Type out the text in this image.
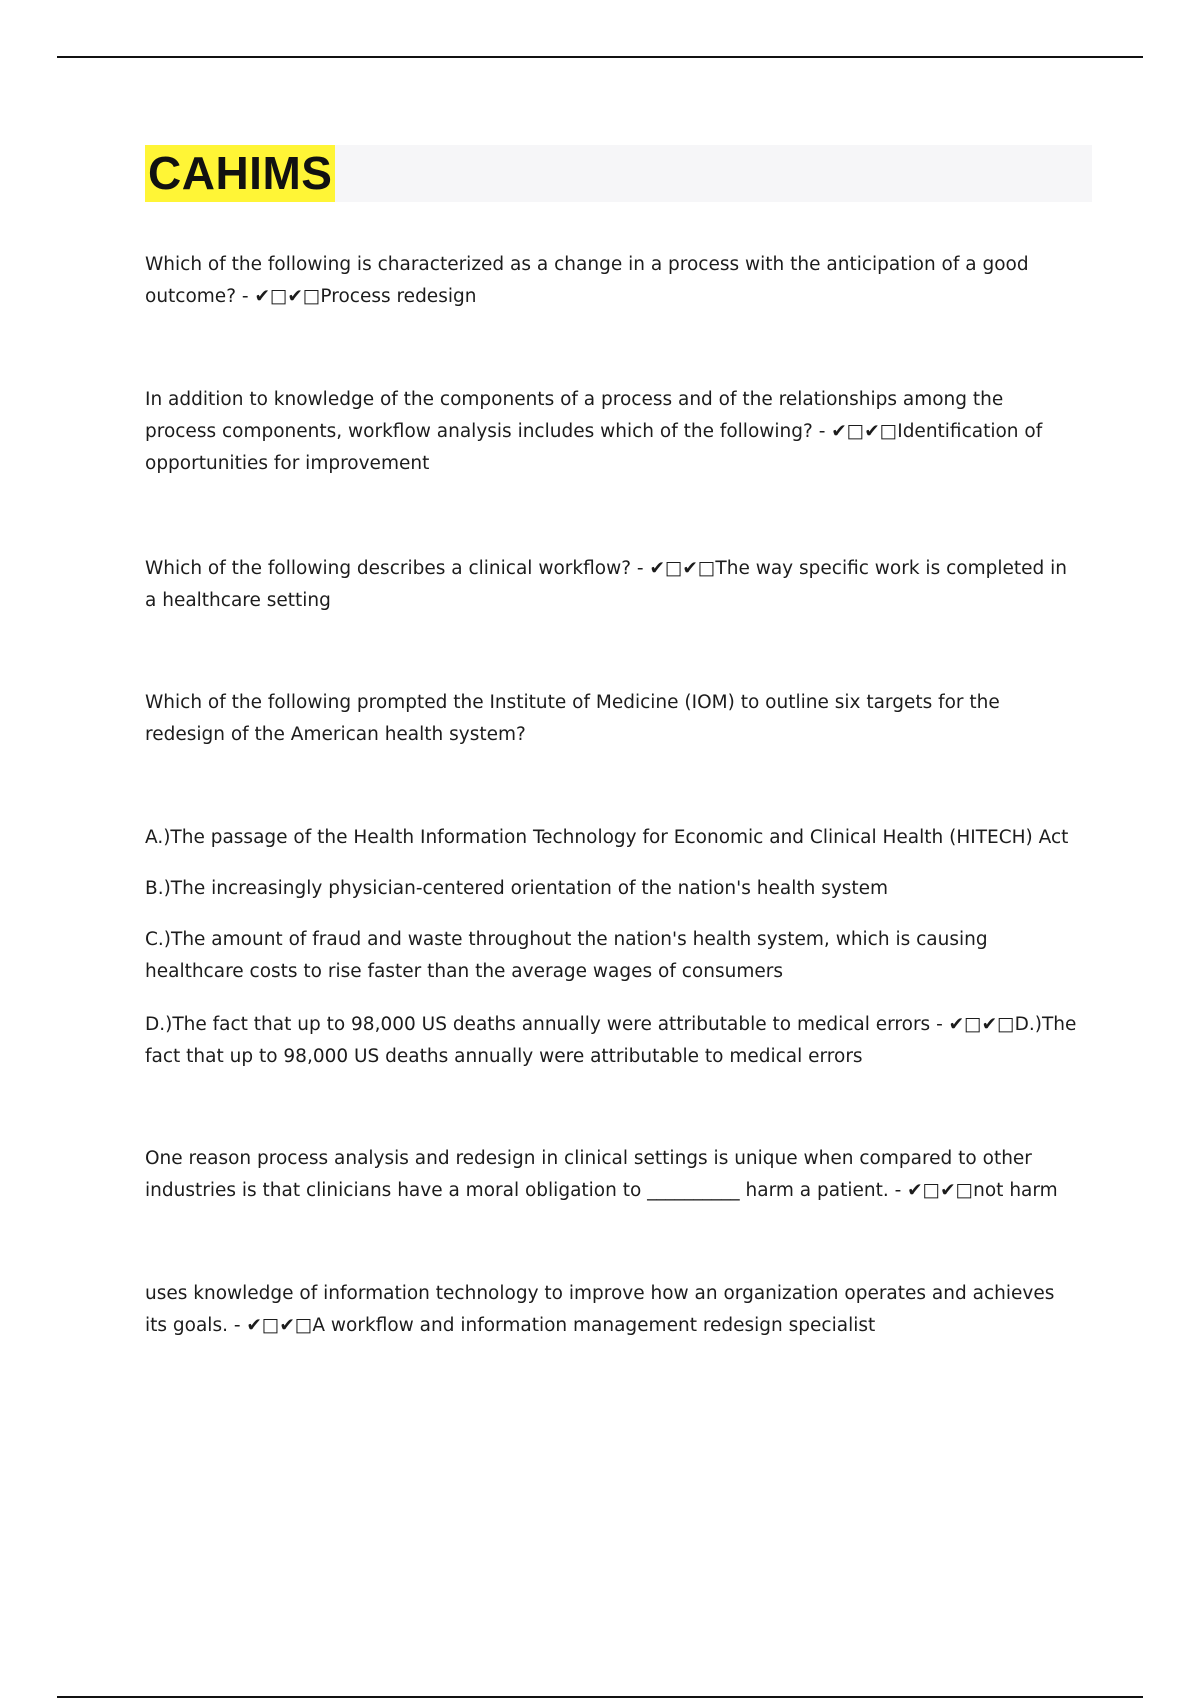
CAHIMS

Which of the following is characterized as a change in a process with the anticipation of a good outcome? - ✔□✔□Process redesign

In addition to knowledge of the components of a process and of the relationships among the process components, workflow analysis includes which of the following? - ✔□✔□Identification of opportunities for improvement

Which of the following describes a clinical workflow? - ✔□✔□The way specific work is completed in a healthcare setting

Which of the following prompted the Institute of Medicine (IOM) to outline six targets for the redesign of the American health system?

A.)The passage of the Health Information Technology for Economic and Clinical Health (HITECH) Act

B.)The increasingly physician-centered orientation of the nation's health system

C.)The amount of fraud and waste throughout the nation's health system, which is causing healthcare costs to rise faster than the average wages of consumers

D.)The fact that up to 98,000 US deaths annually were attributable to medical errors - ✔□✔□D.)The fact that up to 98,000 US deaths annually were attributable to medical errors

One reason process analysis and redesign in clinical settings is unique when compared to other industries is that clinicians have a moral obligation to __________ harm a patient. - ✔□✔□not harm

uses knowledge of information technology to improve how an organization operates and achieves its goals. - ✔□✔□A workflow and information management redesign specialist
